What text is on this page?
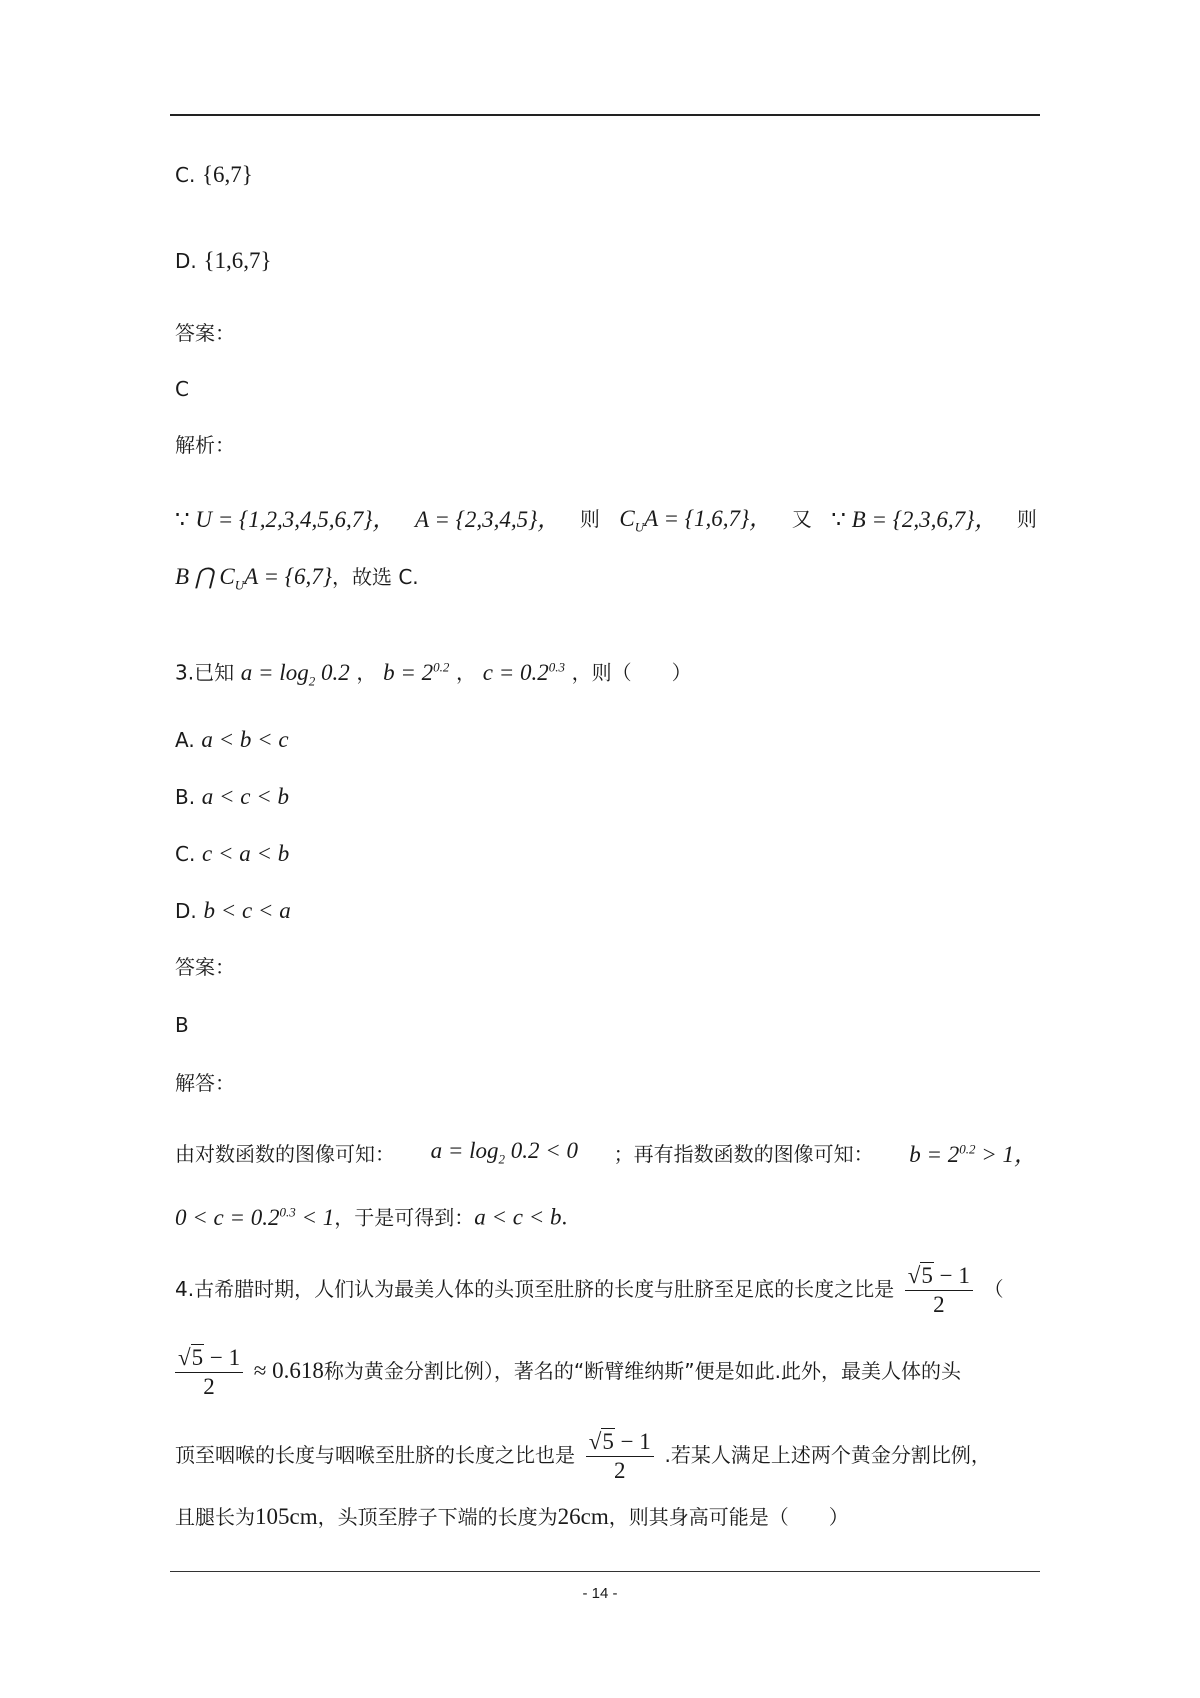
C. {6,7}
D. {1,6,7}
答案：
C
解析：
∵ U = {1,2,3,4,5,6,7}， A = {2,3,4,5}， 则 $C_UA = \{1,6,7\}$， 又 ∵ B = {2,3,6,7}， 则
B ⋂ $C_UA = \{6,7\}$，故选 C.
3.已知 $a = \log_2 0.2$ ， $b = 2^{0.2}$ ， $c = 0.2^{0.3}$ ，则（　　）
A. a < b < c
B. a < c < b
C. c < a < b
D. b < c < a
答案：
B
解答：
由对数函数的图像可知： $a = \log_2 0.2 < 0$ ；再有指数函数的图像可知： $b = 2^{0.2} > 1$，
$0 < c = 0.2^{0.3} < 1$，于是可得到：a < c < b.
4.古希腊时期，人们认为最美人体的头顶至肚脐的长度与肚脐至足底的长度之比是 $\frac{√5 - 1}{2}$ （
$\frac{√5 - 1}{2} \approx 0.618$称为黄金分割比例），著名的“断臂维纳斯”便是如此.此外，最美人体的头
顶至咽喉的长度与咽喉至肚脐的长度之比也是 $\frac{√5 - 1}{2}$ .若某人满足上述两个黄金分割比例，
且腿长为105cm，头顶至脖子下端的长度为26cm，则其身高可能是（　　）
- 14 -
